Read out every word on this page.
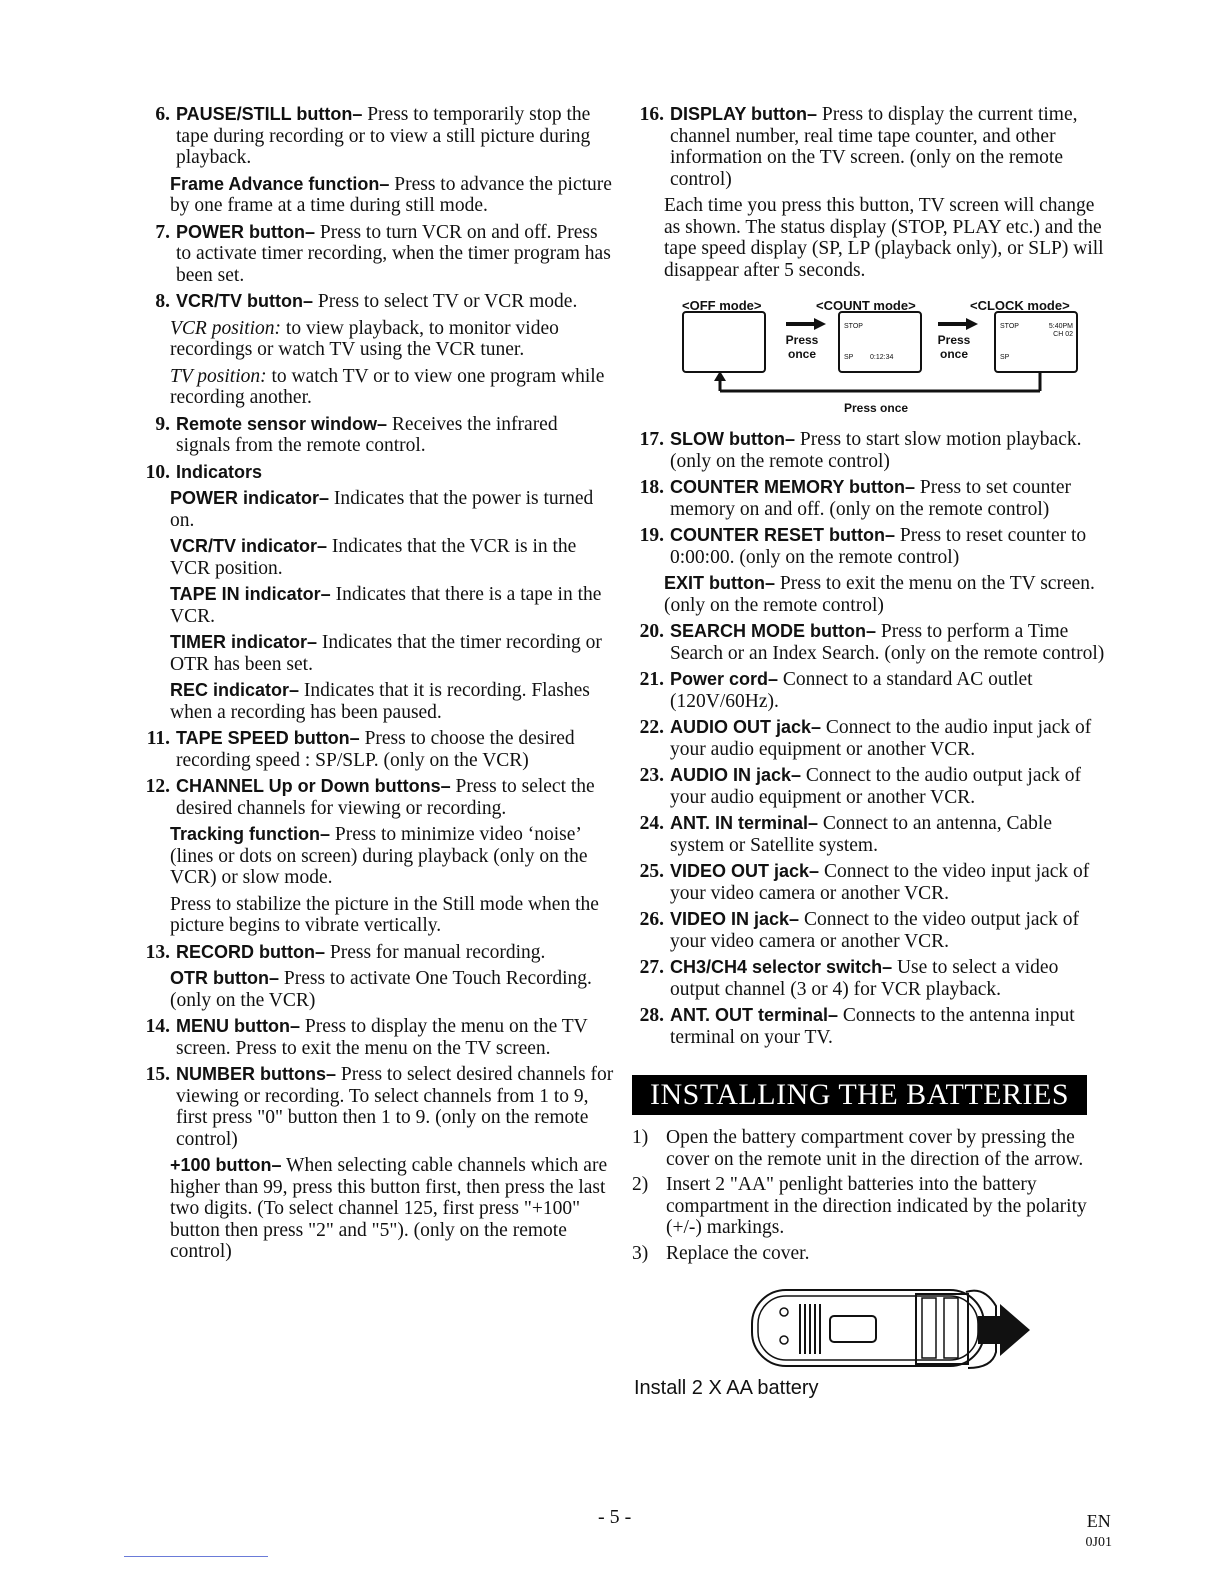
6. PAUSE/STILL button– Press to temporarily stop the tape during recording or to view a still picture during playback.
Frame Advance function– Press to advance the picture by one frame at a time during still mode.
7. POWER button– Press to turn VCR on and off. Press to activate timer recording, when the timer program has been set.
8. VCR/TV button– Press to select TV or VCR mode.
VCR position: to view playback, to monitor video recordings or watch TV using the VCR tuner.
TV position: to watch TV or to view one program while recording another.
9. Remote sensor window– Receives the infrared signals from the remote control.
10. Indicators
POWER indicator– Indicates that the power is turned on.
VCR/TV indicator– Indicates that the VCR is in the VCR position.
TAPE IN indicator– Indicates that there is a tape in the VCR.
TIMER indicator– Indicates that the timer recording or OTR has been set.
REC indicator– Indicates that it is recording. Flashes when a recording has been paused.
11. TAPE SPEED button– Press to choose the desired recording speed : SP/SLP. (only on the VCR)
12. CHANNEL Up or Down buttons– Press to select the desired channels for viewing or recording.
Tracking function– Press to minimize video ‘noise’ (lines or dots on screen) during playback (only on the VCR) or slow mode.
Press to stabilize the picture in the Still mode when the picture begins to vibrate vertically.
13. RECORD button– Press for manual recording.
OTR button– Press to activate One Touch Recording. (only on the VCR)
14. MENU button– Press to display the menu on the TV screen. Press to exit the menu on the TV screen.
15. NUMBER buttons– Press to select desired channels for viewing or recording. To select channels from 1 to 9, first press "0" button then 1 to 9. (only on the remote control)
+100 button– When selecting cable channels which are higher than 99, press this button first, then press the last two digits. (To select channel 125, first press "+100" button then press "2" and "5"). (only on the remote control)
16. DISPLAY button– Press to display the current time, channel number, real time tape counter, and other information on the TV screen. (only on the remote control)
Each time you press this button, TV screen will change as shown. The status display (STOP, PLAY etc.) and the tape speed display (SP, LP (playback only), or SLP) will disappear after 5 seconds.
<OFF mode>	<COUNT mode>	<CLOCK mode>
Press once
STOP
SP 0:12:34
Press once
STOP	5:40PM
CH 02
SP
Press once
17. SLOW button– Press to start slow motion playback. (only on the remote control)
18. COUNTER MEMORY button– Press to set counter memory on and off. (only on the remote control)
19. COUNTER RESET button– Press to reset counter to 0:00:00. (only on the remote control)
EXIT button– Press to exit the menu on the TV screen. (only on the remote control)
20. SEARCH MODE button– Press to perform a Time Search or an Index Search. (only on the remote control)
21. Power cord– Connect to a standard AC outlet (120V/60Hz).
22. AUDIO OUT jack– Connect to the audio input jack of your audio equipment or another VCR.
23. AUDIO IN jack– Connect to the audio output jack of your audio equipment or another VCR.
24. ANT. IN terminal– Connect to an antenna, Cable system or Satellite system.
25. VIDEO OUT jack– Connect to the video input jack of your video camera or another VCR.
26. VIDEO IN jack– Connect to the video output jack of your video camera or another VCR.
27. CH3/CH4 selector switch– Use to select a video output channel (3 or 4) for VCR playback.
28. ANT. OUT terminal– Connects to the antenna input terminal on your TV.
INSTALLING THE BATTERIES
1) Open the battery compartment cover by pressing the cover on the remote unit in the direction of the arrow.
2) Insert 2 "AA" penlight batteries into the battery compartment in the direction indicated by the polarity (+/-) markings.
3) Replace the cover.
Install 2 X AA battery
- 5 -	EN
0J01
